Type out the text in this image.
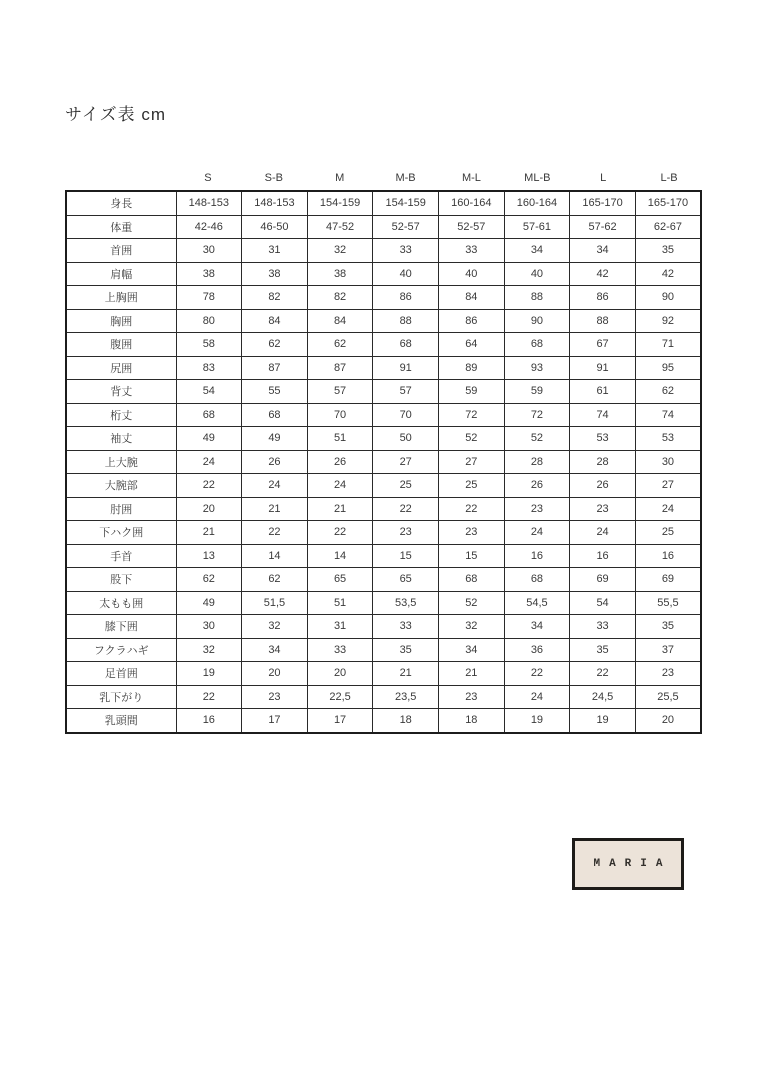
サイズ表 cm
S	S-B	M	M-B	M-L	ML-B	L	L-B
身長	148-153	148-153	154-159	154-159	160-164	160-164	165-170	165-170
体重	42-46	46-50	47-52	52-57	52-57	57-61	57-62	62-67
首囲	30	31	32	33	33	34	34	35
肩幅	38	38	38	40	40	40	42	42
上胸囲	78	82	82	86	84	88	86	90
胸囲	80	84	84	88	86	90	88	92
腹囲	58	62	62	68	64	68	67	71
尻囲	83	87	87	91	89	93	91	95
背丈	54	55	57	57	59	59	61	62
桁丈	68	68	70	70	72	72	74	74
袖丈	49	49	51	50	52	52	53	53
上大腕	24	26	26	27	27	28	28	30
大腕部	22	24	24	25	25	26	26	27
肘囲	20	21	21	22	22	23	23	24
下ハク囲	21	22	22	23	23	24	24	25
手首	13	14	14	15	15	16	16	16
股下	62	62	65	65	68	68	69	69
太もも囲	49	51,5	51	53,5	52	54,5	54	55,5
膝下囲	30	32	31	33	32	34	33	35
フクラハギ	32	34	33	35	34	36	35	37
足首囲	19	20	20	21	21	22	22	23
乳下がり	22	23	22,5	23,5	23	24	24,5	25,5
乳頭間	16	17	17	18	18	19	19	20
MARIA
